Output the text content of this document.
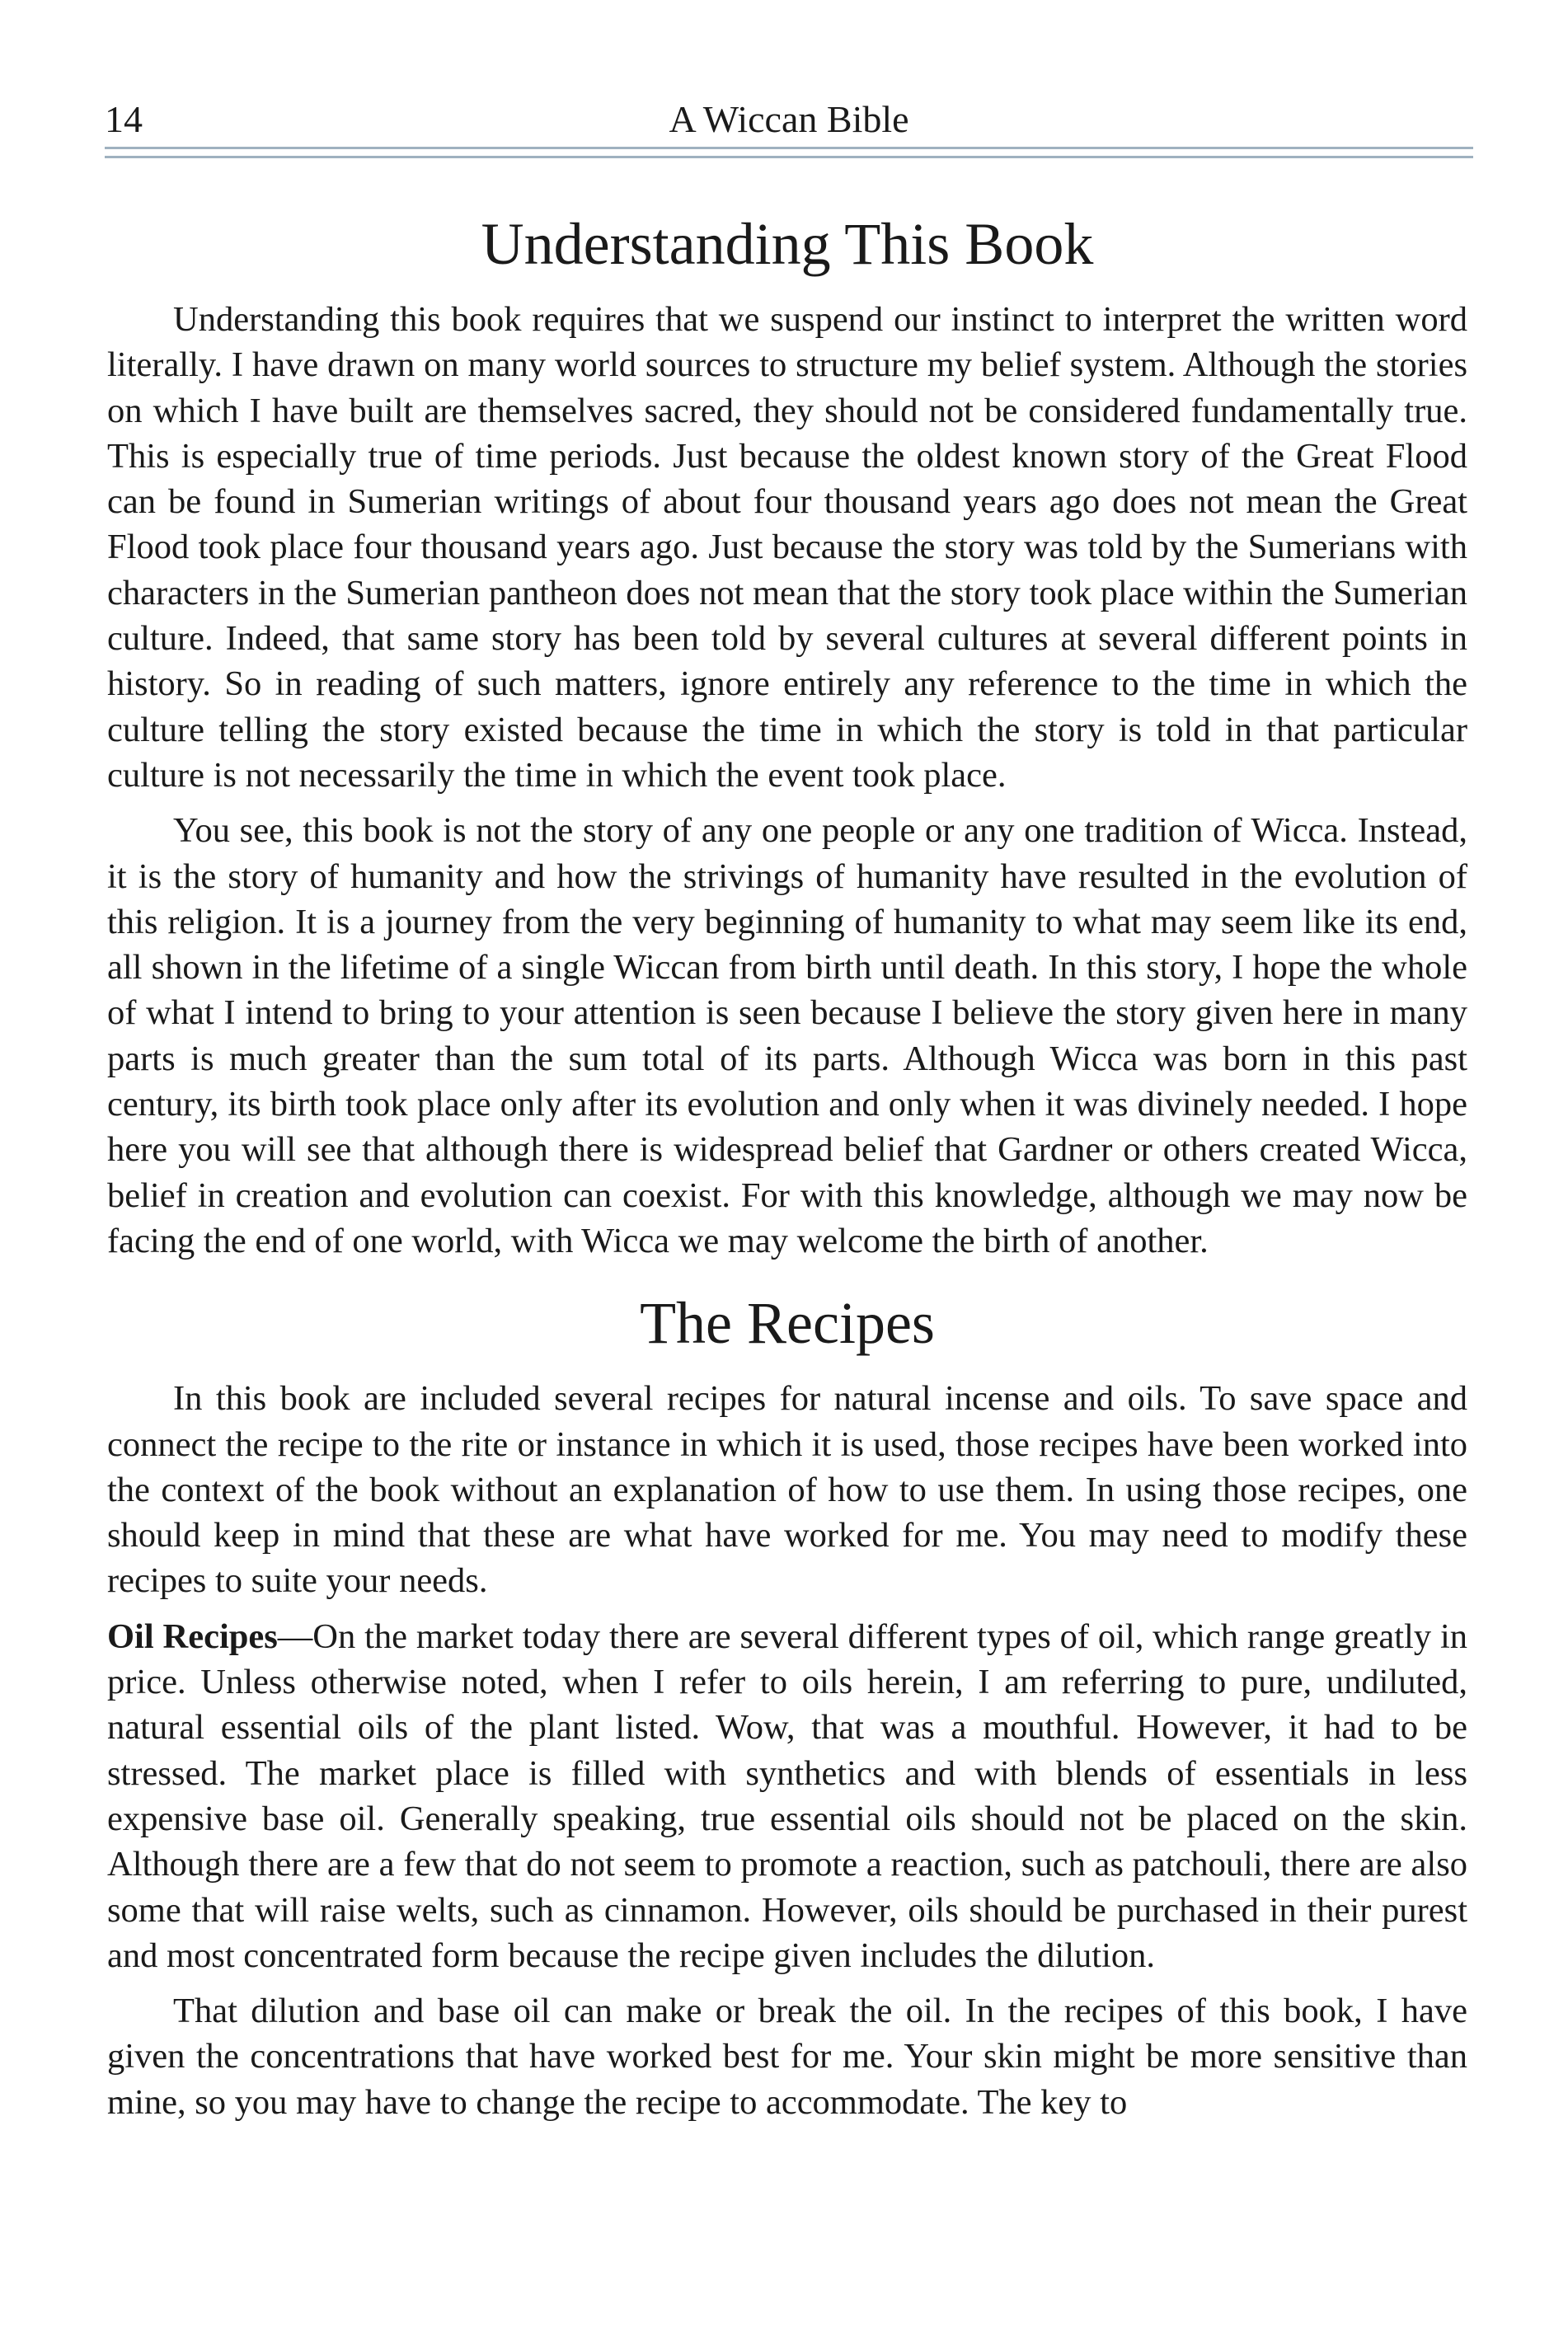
14	A Wiccan Bible
Understanding This Book

Understanding this book requires that we suspend our instinct to interpret the written word literally. I have drawn on many world sources to structure my belief system. Although the stories on which I have built are themselves sacred, they should not be considered fundamentally true. This is especially true of time periods. Just because the oldest known story of the Great Flood can be found in Sumerian writings of about four thousand years ago does not mean the Great Flood took place four thousand years ago. Just because the story was told by the Sumerians with characters in the Sumerian pantheon does not mean that the story took place within the Sumerian culture. Indeed, that same story has been told by several cultures at several different points in history. So in reading of such matters, ignore entirely any reference to the time in which the culture telling the story existed because the time in which the story is told in that particular culture is not necessarily the time in which the event took place.

You see, this book is not the story of any one people or any one tradition of Wicca. Instead, it is the story of humanity and how the strivings of humanity have resulted in the evolution of this religion. It is a journey from the very beginning of humanity to what may seem like its end, all shown in the lifetime of a single Wiccan from birth until death. In this story, I hope the whole of what I intend to bring to your attention is seen because I believe the story given here in many parts is much greater than the sum total of its parts. Although Wicca was born in this past century, its birth took place only after its evolution and only when it was divinely needed. I hope here you will see that although there is widespread belief that Gardner or others created Wicca, belief in creation and evolution can coexist. For with this knowledge, although we may now be facing the end of one world, with Wicca we may welcome the birth of another.

The Recipes

In this book are included several recipes for natural incense and oils. To save space and connect the recipe to the rite or instance in which it is used, those recipes have been worked into the context of the book without an explanation of how to use them. In using those recipes, one should keep in mind that these are what have worked for me. You may need to modify these recipes to suite your needs.

Oil Recipes—On the market today there are several different types of oil, which range greatly in price. Unless otherwise noted, when I refer to oils herein, I am referring to pure, undiluted, natural essential oils of the plant listed. Wow, that was a mouthful. However, it had to be stressed. The market place is filled with synthetics and with blends of essentials in less expensive base oil. Generally speaking, true essential oils should not be placed on the skin. Although there are a few that do not seem to promote a reaction, such as patchouli, there are also some that will raise welts, such as cinnamon. However, oils should be purchased in their purest and most concentrated form because the recipe given includes the dilution.

That dilution and base oil can make or break the oil. In the recipes of this book, I have given the concentrations that have worked best for me. Your skin might be more sensitive than mine, so you may have to change the recipe to accommodate. The key to
